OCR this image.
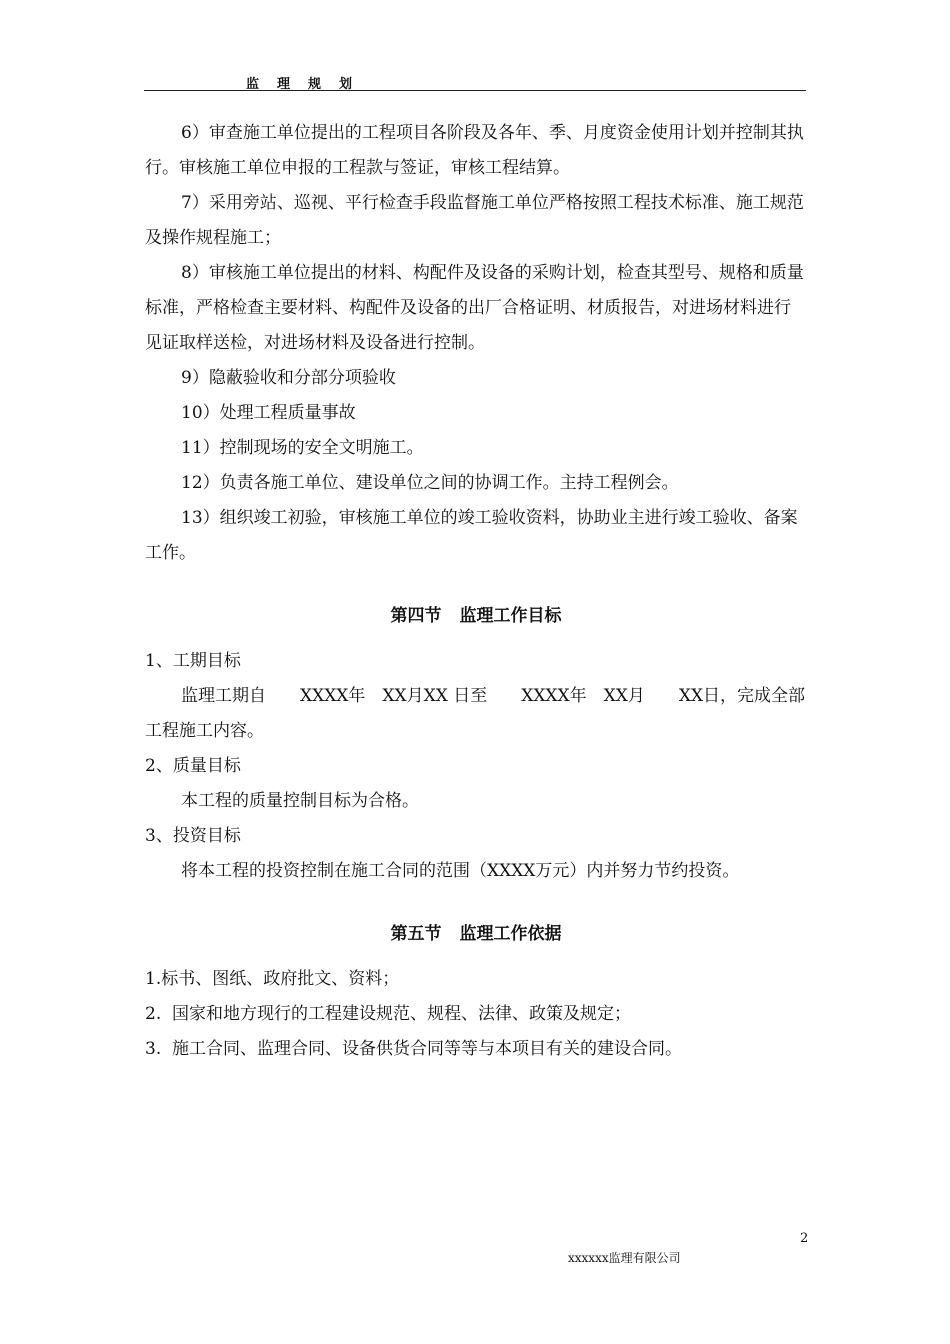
监理规划

6）审查施工单位提出的工程项目各阶段及各年、季、月度资金使用计划并控制其执行。审核施工单位申报的工程款与签证，审核工程结算。

7）采用旁站、巡视、平行检查手段监督施工单位严格按照工程技术标准、施工规范及操作规程施工；

8）审核施工单位提出的材料、构配件及设备的采购计划，检查其型号、规格和质量标准，严格检查主要材料、构配件及设备的出厂合格证明、材质报告，对进场材料进行见证取样送检，对进场材料及设备进行控制。

9）隐蔽验收和分部分项验收

10）处理工程质量事故

11）控制现场的安全文明施工。

12）负责各施工单位、建设单位之间的协调工作。主持工程例会。

13）组织竣工初验，审核施工单位的竣工验收资料，协助业主进行竣工验收、备案工作。

第四节 监理工作目标

1、工期目标

监理工期自　　XXXX年　XX月XX 日至　　XXXX年　XX月　　XX日，完成全部工程施工内容。

2、质量目标

本工程的质量控制目标为合格。

3、投资目标

将本工程的投资控制在施工合同的范围（XXXX万元）内并努力节约投资。

第五节 监理工作依据

1.标书、图纸、政府批文、资料；

2.  国家和地方现行的工程建设规范、规程、法律、政策及规定；

3.  施工合同、监理合同、设备供货合同等等与本项目有关的建设合同。

2
xxxxxx监理有限公司
